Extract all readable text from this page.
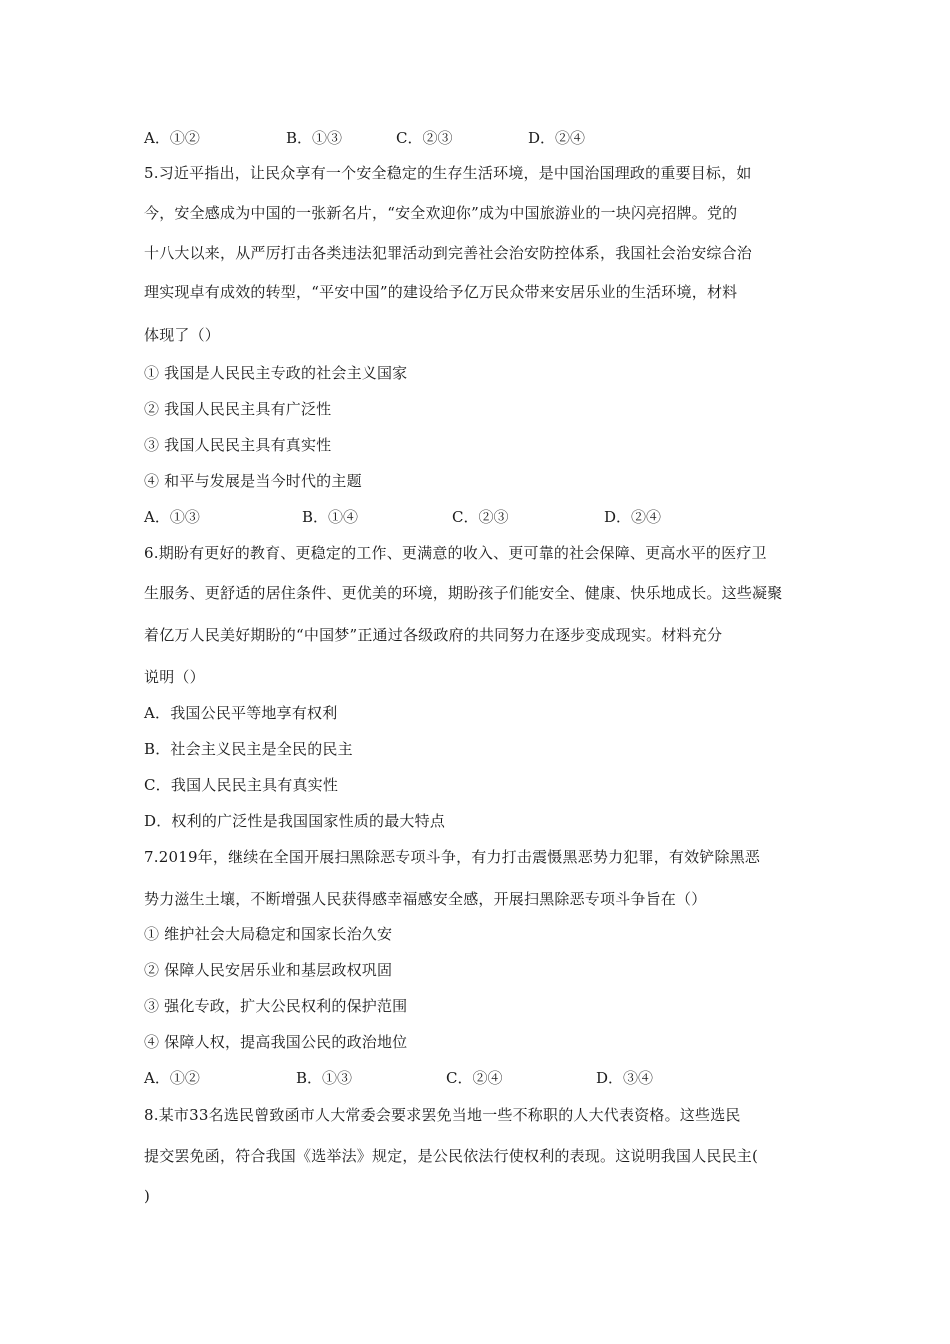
A．①②	B．①③	C．②③	D．②④
5.习近平指出，让民众享有一个安全稳定的生存生活环境，是中国治国理政的重要目标，如
今，安全感成为中国的一张新名片，“安全欢迎你”成为中国旅游业的一块闪亮招牌。党的
十八大以来，从严厉打击各类违法犯罪活动到完善社会治安防控体系，我国社会治安综合治
理实现卓有成效的转型，“平安中国”的建设给予亿万民众带来安居乐业的生活环境，材料
体现了（）
① 我国是人民民主专政的社会主义国家
② 我国人民民主具有广泛性
③ 我国人民民主具有真实性
④ 和平与发展是当今时代的主题
A．①③	B．①④	C．②③	D．②④
6.期盼有更好的教育、更稳定的工作、更满意的收入、更可靠的社会保障、更高水平的医疗卫
生服务、更舒适的居住条件、更优美的环境，期盼孩子们能安全、健康、快乐地成长。这些凝聚
着亿万人民美好期盼的“中国梦”正通过各级政府的共同努力在逐步变成现实。材料充分
说明（）
A．我国公民平等地享有权利
B．社会主义民主是全民的民主
C．我国人民民主具有真实性
D．权利的广泛性是我国国家性质的最大特点
7.2019年，继续在全国开展扫黑除恶专项斗争，有力打击震慑黑恶势力犯罪，有效铲除黑恶
势力滋生土壤，不断增强人民获得感幸福感安全感，开展扫黑除恶专项斗争旨在（）
① 维护社会大局稳定和国家长治久安
② 保障人民安居乐业和基层政权巩固
③ 强化专政，扩大公民权利的保护范围
④ 保障人权，提高我国公民的政治地位
A．①②	B．①③	C．②④	D．③④
8.某市33名选民曾致函市人大常委会要求罢免当地一些不称职的人大代表资格。这些选民
提交罢免函，符合我国《选举法》规定，是公民依法行使权利的表现。这说明我国人民民主(
)
